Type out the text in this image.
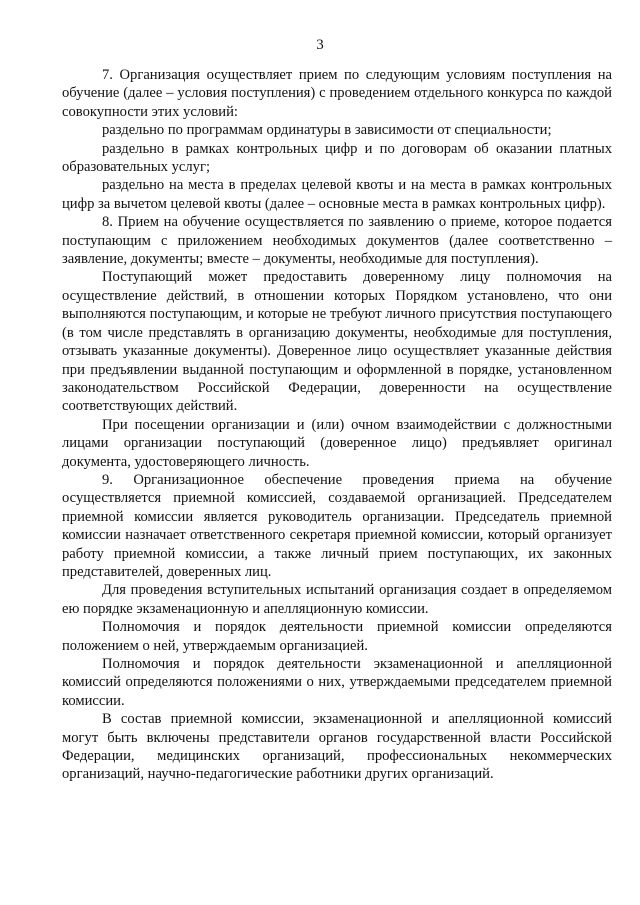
3

7. Организация осуществляет прием по следующим условиям поступления на обучение (далее – условия поступления) с проведением отдельного конкурса по каждой совокупности этих условий:

раздельно по программам ординатуры в зависимости от специальности;

раздельно в рамках контрольных цифр и по договорам об оказании платных образовательных услуг;

раздельно на места в пределах целевой квоты и на места в рамках контрольных цифр за вычетом целевой квоты (далее – основные места в рамках контрольных цифр).

8. Прием на обучение осуществляется по заявлению о приеме, которое подается поступающим с приложением необходимых документов (далее соответственно – заявление, документы; вместе – документы, необходимые для поступления).

Поступающий может предоставить доверенному лицу полномочия на осуществление действий, в отношении которых Порядком установлено, что они выполняются поступающим, и которые не требуют личного присутствия поступающего (в том числе представлять в организацию документы, необходимые для поступления, отзывать указанные документы). Доверенное лицо осуществляет указанные действия при предъявлении выданной поступающим и оформленной в порядке, установленном законодательством Российской Федерации, доверенности на осуществление соответствующих действий.

При посещении организации и (или) очном взаимодействии с должностными лицами организации поступающий (доверенное лицо) предъявляет оригинал документа, удостоверяющего личность.

9. Организационное обеспечение проведения приема на обучение осуществляется приемной комиссией, создаваемой организацией. Председателем приемной комиссии является руководитель организации. Председатель приемной комиссии назначает ответственного секретаря приемной комиссии, который организует работу приемной комиссии, а также личный прием поступающих, их законных представителей, доверенных лиц.

Для проведения вступительных испытаний организация создает в определяемом ею порядке экзаменационную и апелляционную комиссии.

Полномочия и порядок деятельности приемной комиссии определяются положением о ней, утверждаемым организацией.

Полномочия и порядок деятельности экзаменационной и апелляционной комиссий определяются положениями о них, утверждаемыми председателем приемной комиссии.

В состав приемной комиссии, экзаменационной и апелляционной комиссий могут быть включены представители органов государственной власти Российской Федерации, медицинских организаций, профессиональных некоммерческих организаций, научно-педагогические работники других организаций.
